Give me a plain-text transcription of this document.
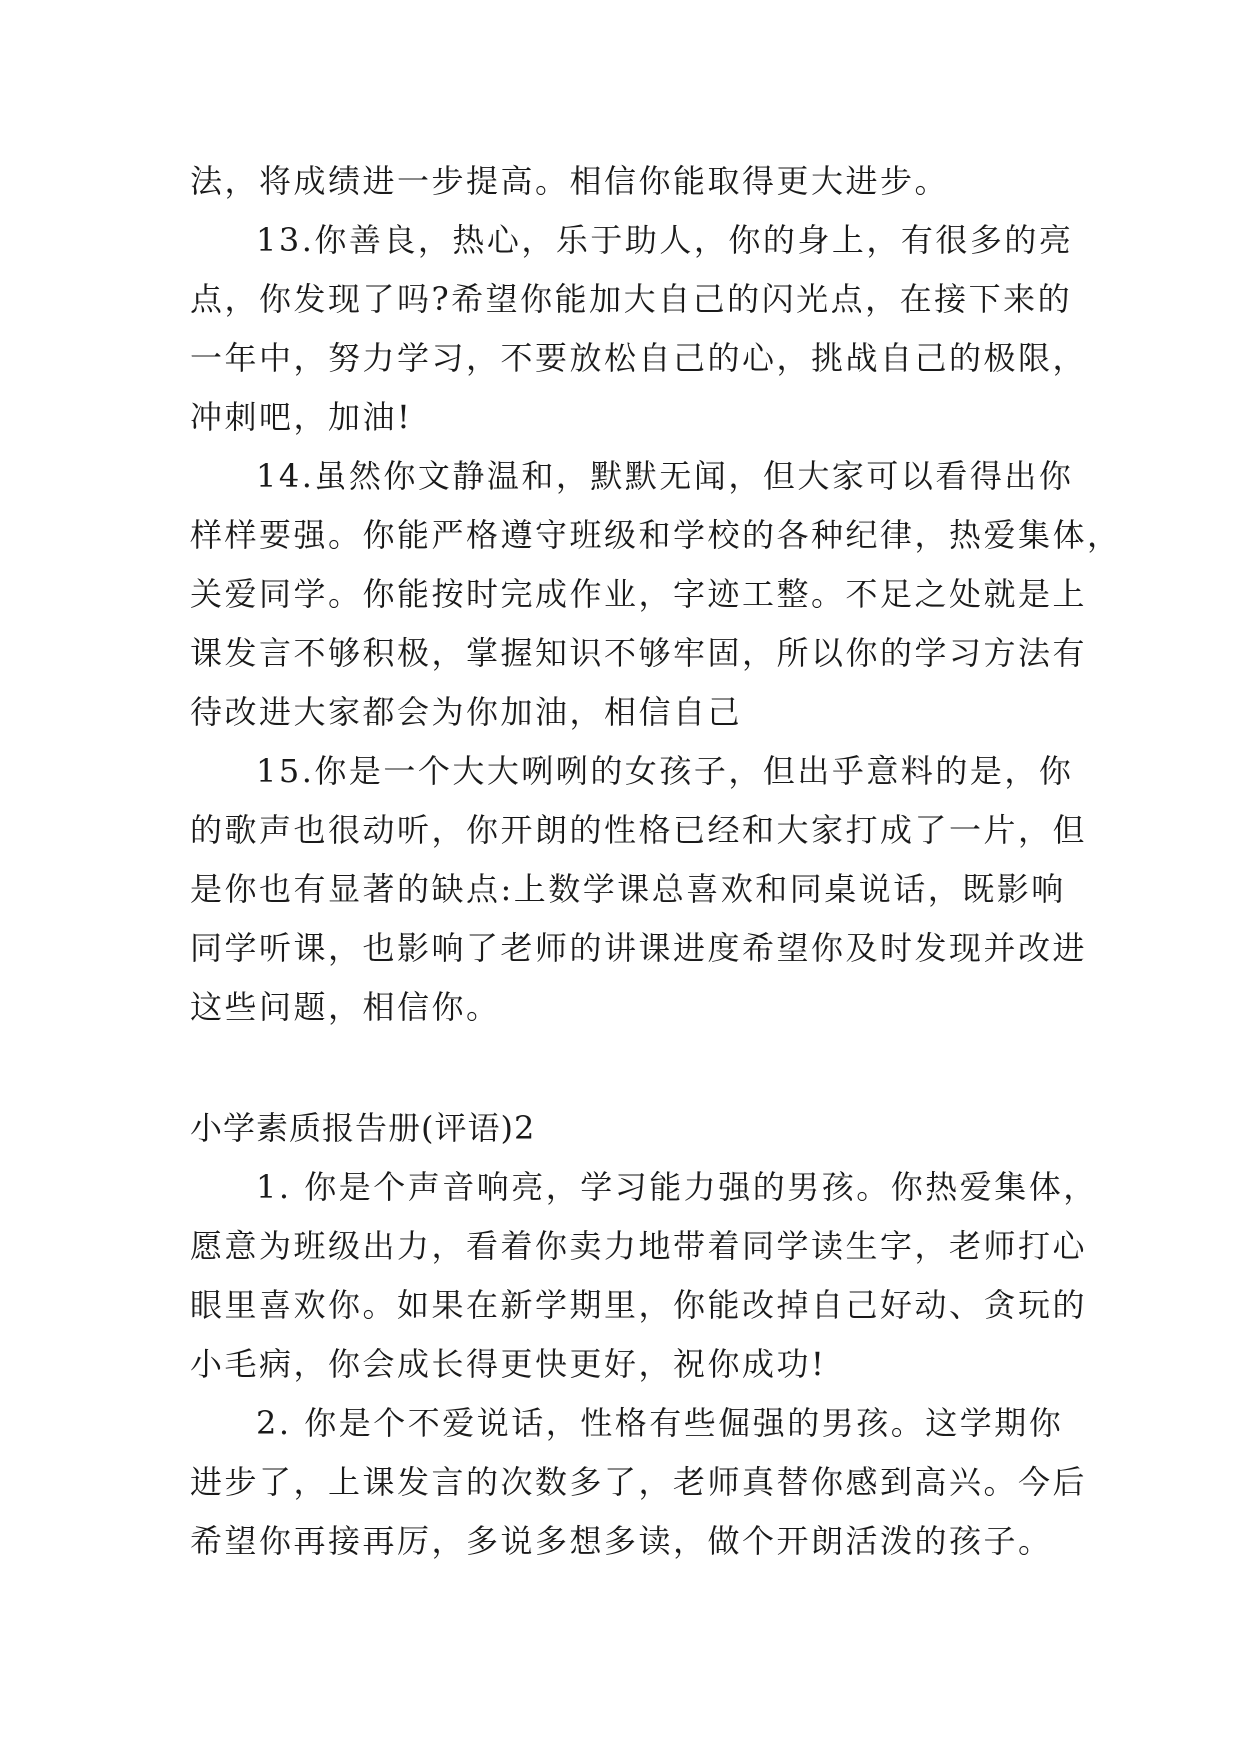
法，将成绩进一步提高。相信你能取得更大进步。
13.你善良，热心，乐于助人，你的身上，有很多的亮
点，你发现了吗?希望你能加大自己的闪光点，在接下来的
一年中，努力学习，不要放松自己的心，挑战自己的极限，
冲刺吧，加油!
14.虽然你文静温和，默默无闻，但大家可以看得出你
样样要强。你能严格遵守班级和学校的各种纪律，热爱集体，
关爱同学。你能按时完成作业，字迹工整。不足之处就是上
课发言不够积极，掌握知识不够牢固，所以你的学习方法有
待改进大家都会为你加油，相信自己
15.你是一个大大咧咧的女孩子，但出乎意料的是，你
的歌声也很动听，你开朗的性格已经和大家打成了一片，但
是你也有显著的缺点:上数学课总喜欢和同桌说话，既影响
同学听课，也影响了老师的讲课进度希望你及时发现并改进
这些问题，相信你。
小学素质报告册(评语)2
1. 你是个声音响亮，学习能力强的男孩。你热爱集体，
愿意为班级出力，看着你卖力地带着同学读生字，老师打心
眼里喜欢你。如果在新学期里，你能改掉自己好动、贪玩的
小毛病，你会成长得更快更好，祝你成功!
2. 你是个不爱说话，性格有些倔强的男孩。这学期你
进步了，上课发言的次数多了，老师真替你感到高兴。今后
希望你再接再厉，多说多想多读，做个开朗活泼的孩子。
